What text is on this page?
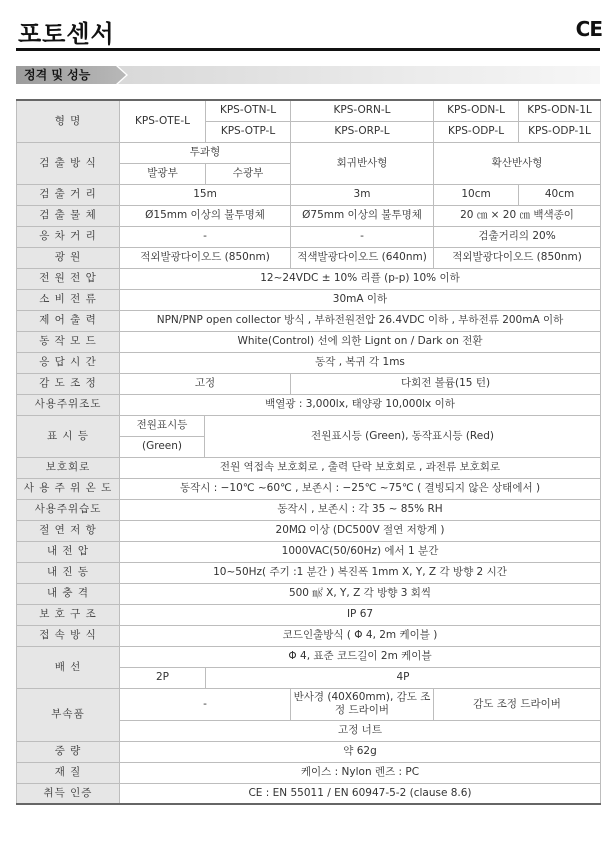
포토센서	CE
정격 및 성능
형 명	KPS-OTE-L	KPS-OTN-L	KPS-ORN-L	KPS-ODN-L	KPS-ODN-1L
		KPS-OTP-L	KPS-ORP-L	KPS-ODP-L	KPS-ODP-1L
검 출 방 식	투과형		회귀반사형	확산반사형	
	발광부	수광부			
검 출 거 리	15m		3m	10cm	40cm
검 출 물 체	Ø15mm 이상의 불투명체		Ø75mm 이상의 불투명체	20 ㎝ × 20 ㎝ 백색종이	
응 차 거 리	-		-	검출거리의 20%	
광 원	적외발광다이오드 (850nm)		적색발광다이오드 (640nm)	적외발광다이오드 (850nm)	
전 원 전 압	12~24VDC ± 10% 리플 (p-p) 10% 이하				
소 비 전 류	30mA 이하				
제 어 출 력	NPN/PNP open collector 방식 , 부하전원전압 26.4VDC 이하 , 부하전류 200mA 이하				
동 작 모 드	White(Control) 선에 의한 Lignt on / Dark on 전환				
응 답 시 간	동작 , 복귀 각 1ms				
감 도 조 정	고정		다회전 볼륨(15 턴)		
사용주위조도	백열광 : 3,000lx, 태양광 10,000lx 이하				
표 시 등	전원표시등	전원표시등 (Green), 동작표시등 (Red)			
	(Green)				
보호회로	전원 역접속 보호회로 , 출력 단락 보호회로 , 과전류 보호회로				
사 용 주 위 온 도	동작시 : −10℃ ~60℃ , 보존시 : −25℃ ~75℃ ( 결빙되지 않은 상태에서 )				
사용주위습도	동작시 , 보존시 : 각 35 ~ 85% RH				
절 연 저 항	20MΩ 이상 (DC500V 절연 저항계 )				
내 전 압	1000VAC(50/60Hz) 에서 1 분간				
내 진 동	10~50Hz( 주기 :1 분간 ) 복진폭 1mm X, Y, Z 각 방향 2 시간				
내 충 격	500 ㎨ X, Y, Z 각 방향 3 회씩				
보 호 구 조	IP 67				
접 속 방 식	코드인출방식 ( Φ 4, 2m 케이블 )				
배 선	Φ 4, 표준 코드길이 2m 케이블				
	2P	4P			
부속품	-		반사경 (40X60mm), 감도 조정 드라이버	감도 조정 드라이버	
	고정 너트				
중 량	약 62g				
재 질	케이스 : Nylon 렌즈 : PC				
취득 인증	CE : EN 55011 / EN 60947-5-2 (clause 8.6)				
